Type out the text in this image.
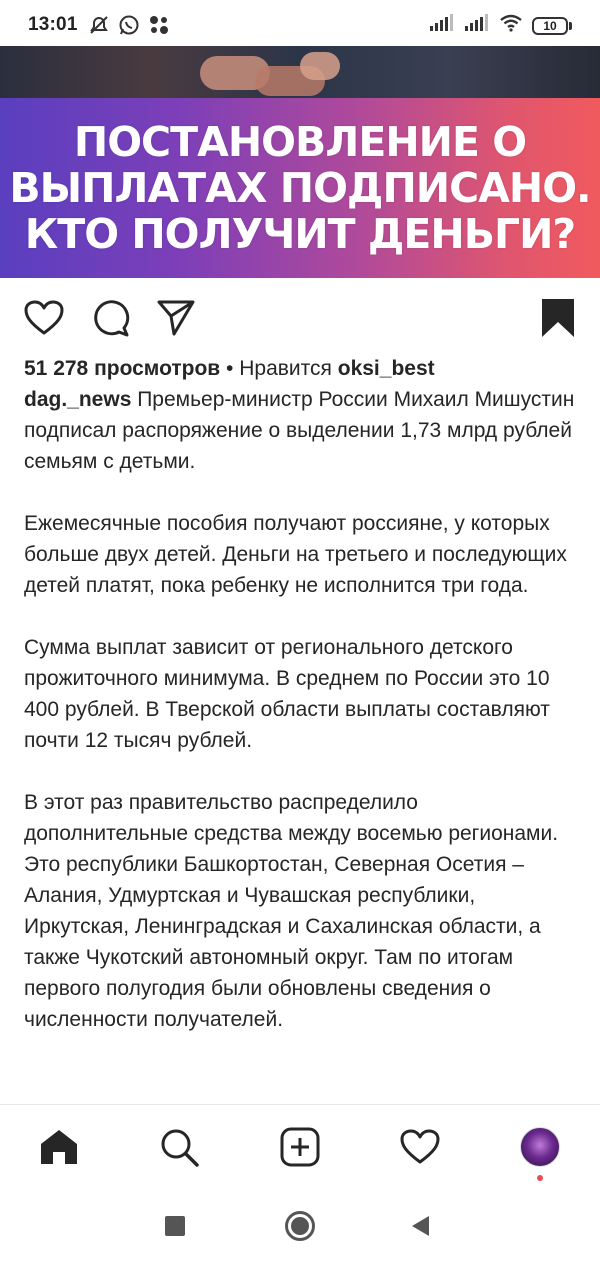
13:01	10
ПОСТАНОВЛЕНИЕ О
ВЫПЛАТАХ ПОДПИСАНО.
КТО ПОЛУЧИТ ДЕНЬГИ?
51 278 просмотров • Нравится oksi_best
dag._news Премьер-министр России Михаил Мишустин подписал распоряжение о выделении 1,73 млрд рублей семьям с детьми.
Ежемесячные пособия получают россияне, у которых больше двух детей. Деньги на третьего и последующих детей платят, пока ребенку не исполнится три года.
Сумма выплат зависит от регионального детского прожиточного минимума. В среднем по России это 10 400 рублей. В Тверской области выплаты составляют почти 12 тысяч рублей.
В этот раз правительство распределило дополнительные средства между восемью регионами. Это республики Башкортостан, Северная Осетия – Алания, Удмуртская и Чувашская республики, Иркутская, Ленинградская и Сахалинская области, а также Чукотский автономный округ. Там по итогам первого полугодия были обновлены сведения о численности получателей.
